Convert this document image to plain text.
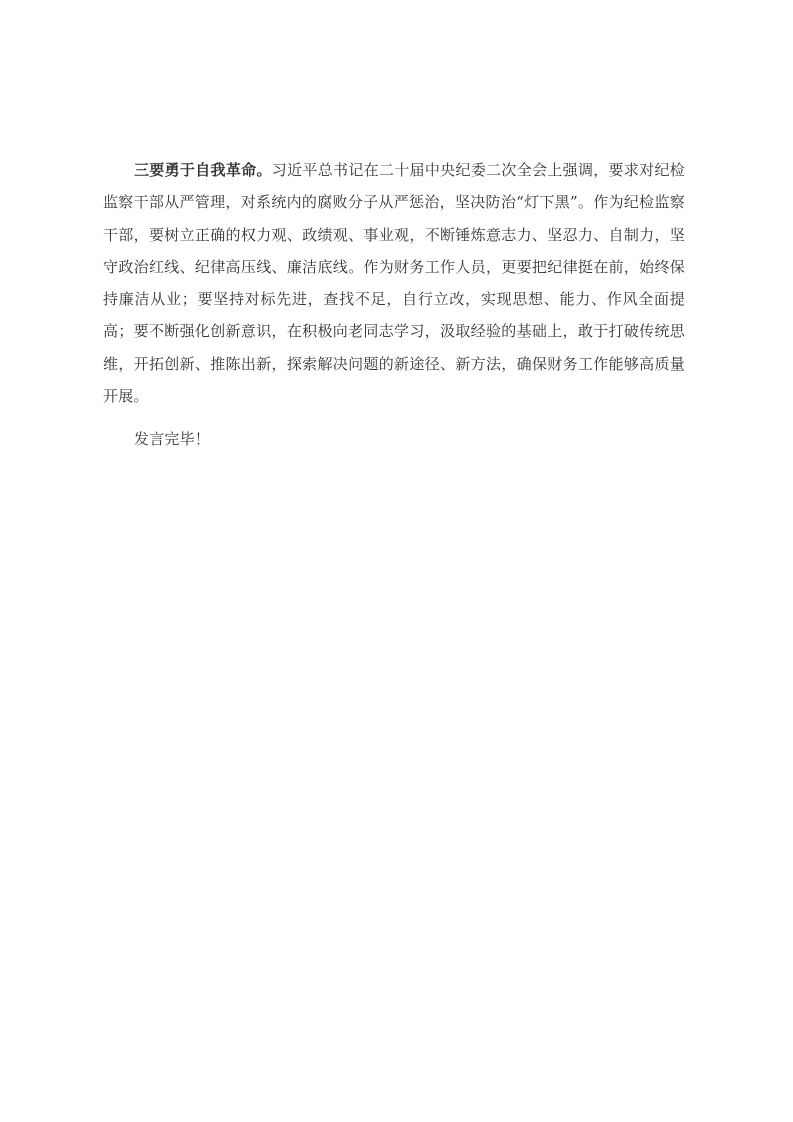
三要勇于自我革命。习近平总书记在二十届中央纪委二次全会上强调，要求对纪检监察干部从严管理，对系统内的腐败分子从严惩治，坚决防治“灯下黑”。作为纪检监察干部，要树立正确的权力观、政绩观、事业观，不断锤炼意志力、坚忍力、自制力，坚守政治红线、纪律高压线、廉洁底线。作为财务工作人员，更要把纪律挺在前，始终保持廉洁从业；要坚持对标先进，查找不足，自行立改，实现思想、能力、作风全面提高；要不断强化创新意识，在积极向老同志学习，汲取经验的基础上，敢于打破传统思维，开拓创新、推陈出新，探索解决问题的新途径、新方法，确保财务工作能够高质量开展。

发言完毕！
